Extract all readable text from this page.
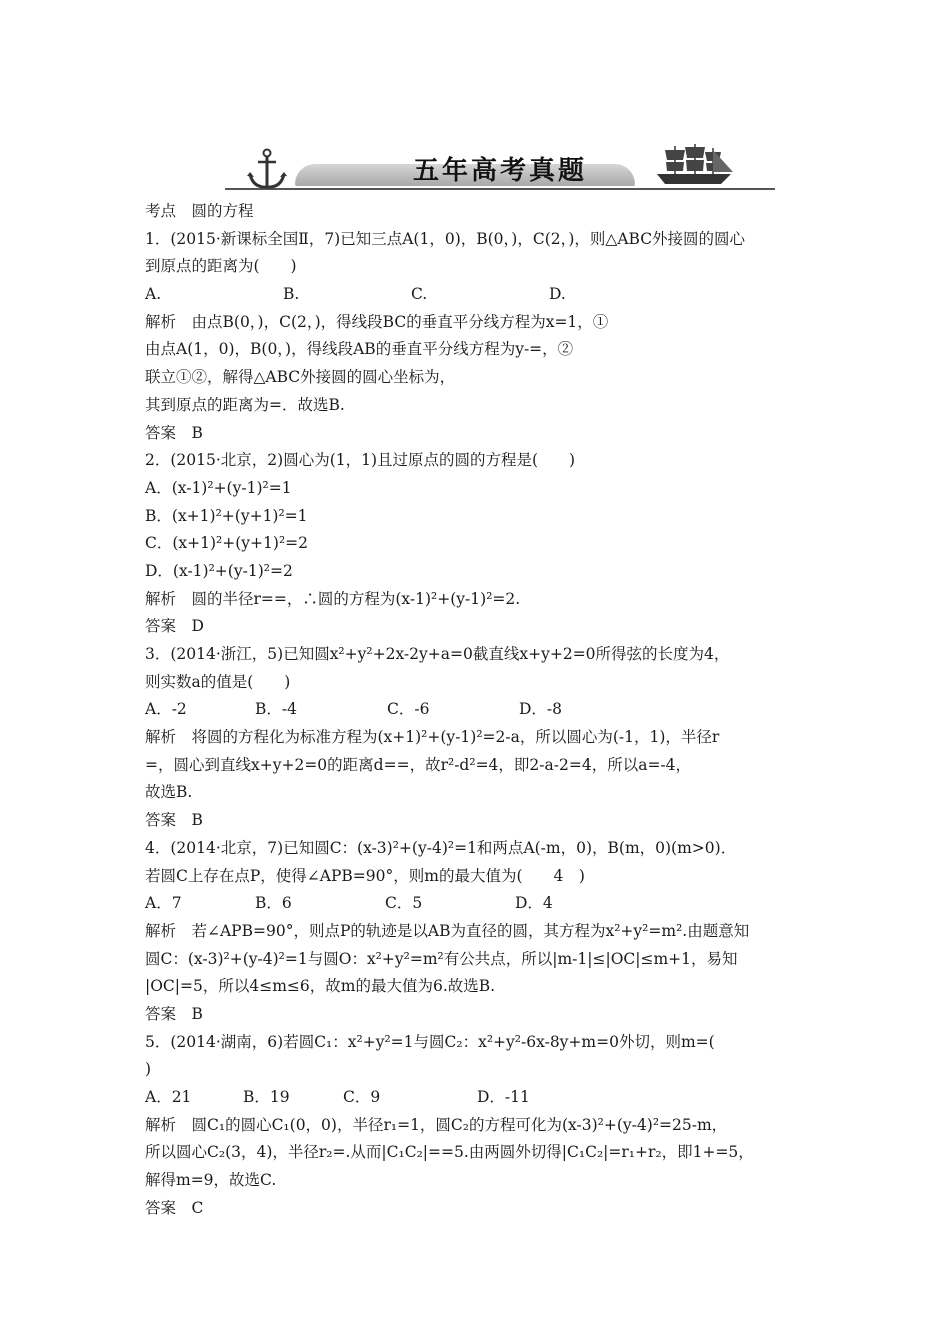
五年高考真题
考点　圆的方程
1．(2015·新课标全国Ⅱ，7)已知三点A(1，0)，B(0，)，C(2，)，则△ABC外接圆的圆心
到原点的距离为(　　)
A.	B.	C.	D.
解析　由点B(0，)，C(2，)，得线段BC的垂直平分线方程为x=1，①
由点A(1，0)，B(0，)，得线段AB的垂直平分线方程为y-=，②
联立①②，解得△ABC外接圆的圆心坐标为，
其到原点的距离为=．故选B.
答案　B
2．(2015·北京，2)圆心为(1，1)且过原点的圆的方程是(　　)
A．(x-1)²+(y-1)²=1
B．(x+1)²+(y+1)²=1
C．(x+1)²+(y+1)²=2
D．(x-1)²+(y-1)²=2
解析　圆的半径r==，∴圆的方程为(x-1)²+(y-1)²=2.
答案　D
3．(2014·浙江，5)已知圆x²+y²+2x-2y+a=0截直线x+y+2=0所得弦的长度为4，
则实数a的值是(　　)
A．-2	B．-4	C．-6	D．-8
解析　将圆的方程化为标准方程为(x+1)²+(y-1)²=2-a，所以圆心为(-1，1)，半径r
=，圆心到直线x+y+2=0的距离d==，故r²-d²=4，即2-a-2=4，所以a=-4，
故选B.
答案　B
4．(2014·北京，7)已知圆C：(x-3)²+(y-4)²=1和两点A(-m，0)，B(m，0)(m>0)．
若圆C上存在点P，使得∠APB=90°，则m的最大值为(　　4　)
A．7	B．6	C．5	D．4
解析　若∠APB=90°，则点P的轨迹是以AB为直径的圆，其方程为x²+y²=m².由题意知
圆C：(x-3)²+(y-4)²=1与圆O：x²+y²=m²有公共点，所以|m-1|≤|OC|≤m+1，易知
|OC|=5，所以4≤m≤6，故m的最大值为6.故选B.
答案　B
5．(2014·湖南，6)若圆C₁：x²+y²=1与圆C₂：x²+y²-6x-8y+m=0外切，则m=(
)
A．21	B．19	C．9	D．-11
解析　圆C₁的圆心C₁(0，0)，半径r₁=1，圆C₂的方程可化为(x-3)²+(y-4)²=25-m，
所以圆心C₂(3，4)，半径r₂=.从而|C₁C₂|==5.由两圆外切得|C₁C₂|=r₁+r₂，即1+=5，
解得m=9，故选C.
答案　C
